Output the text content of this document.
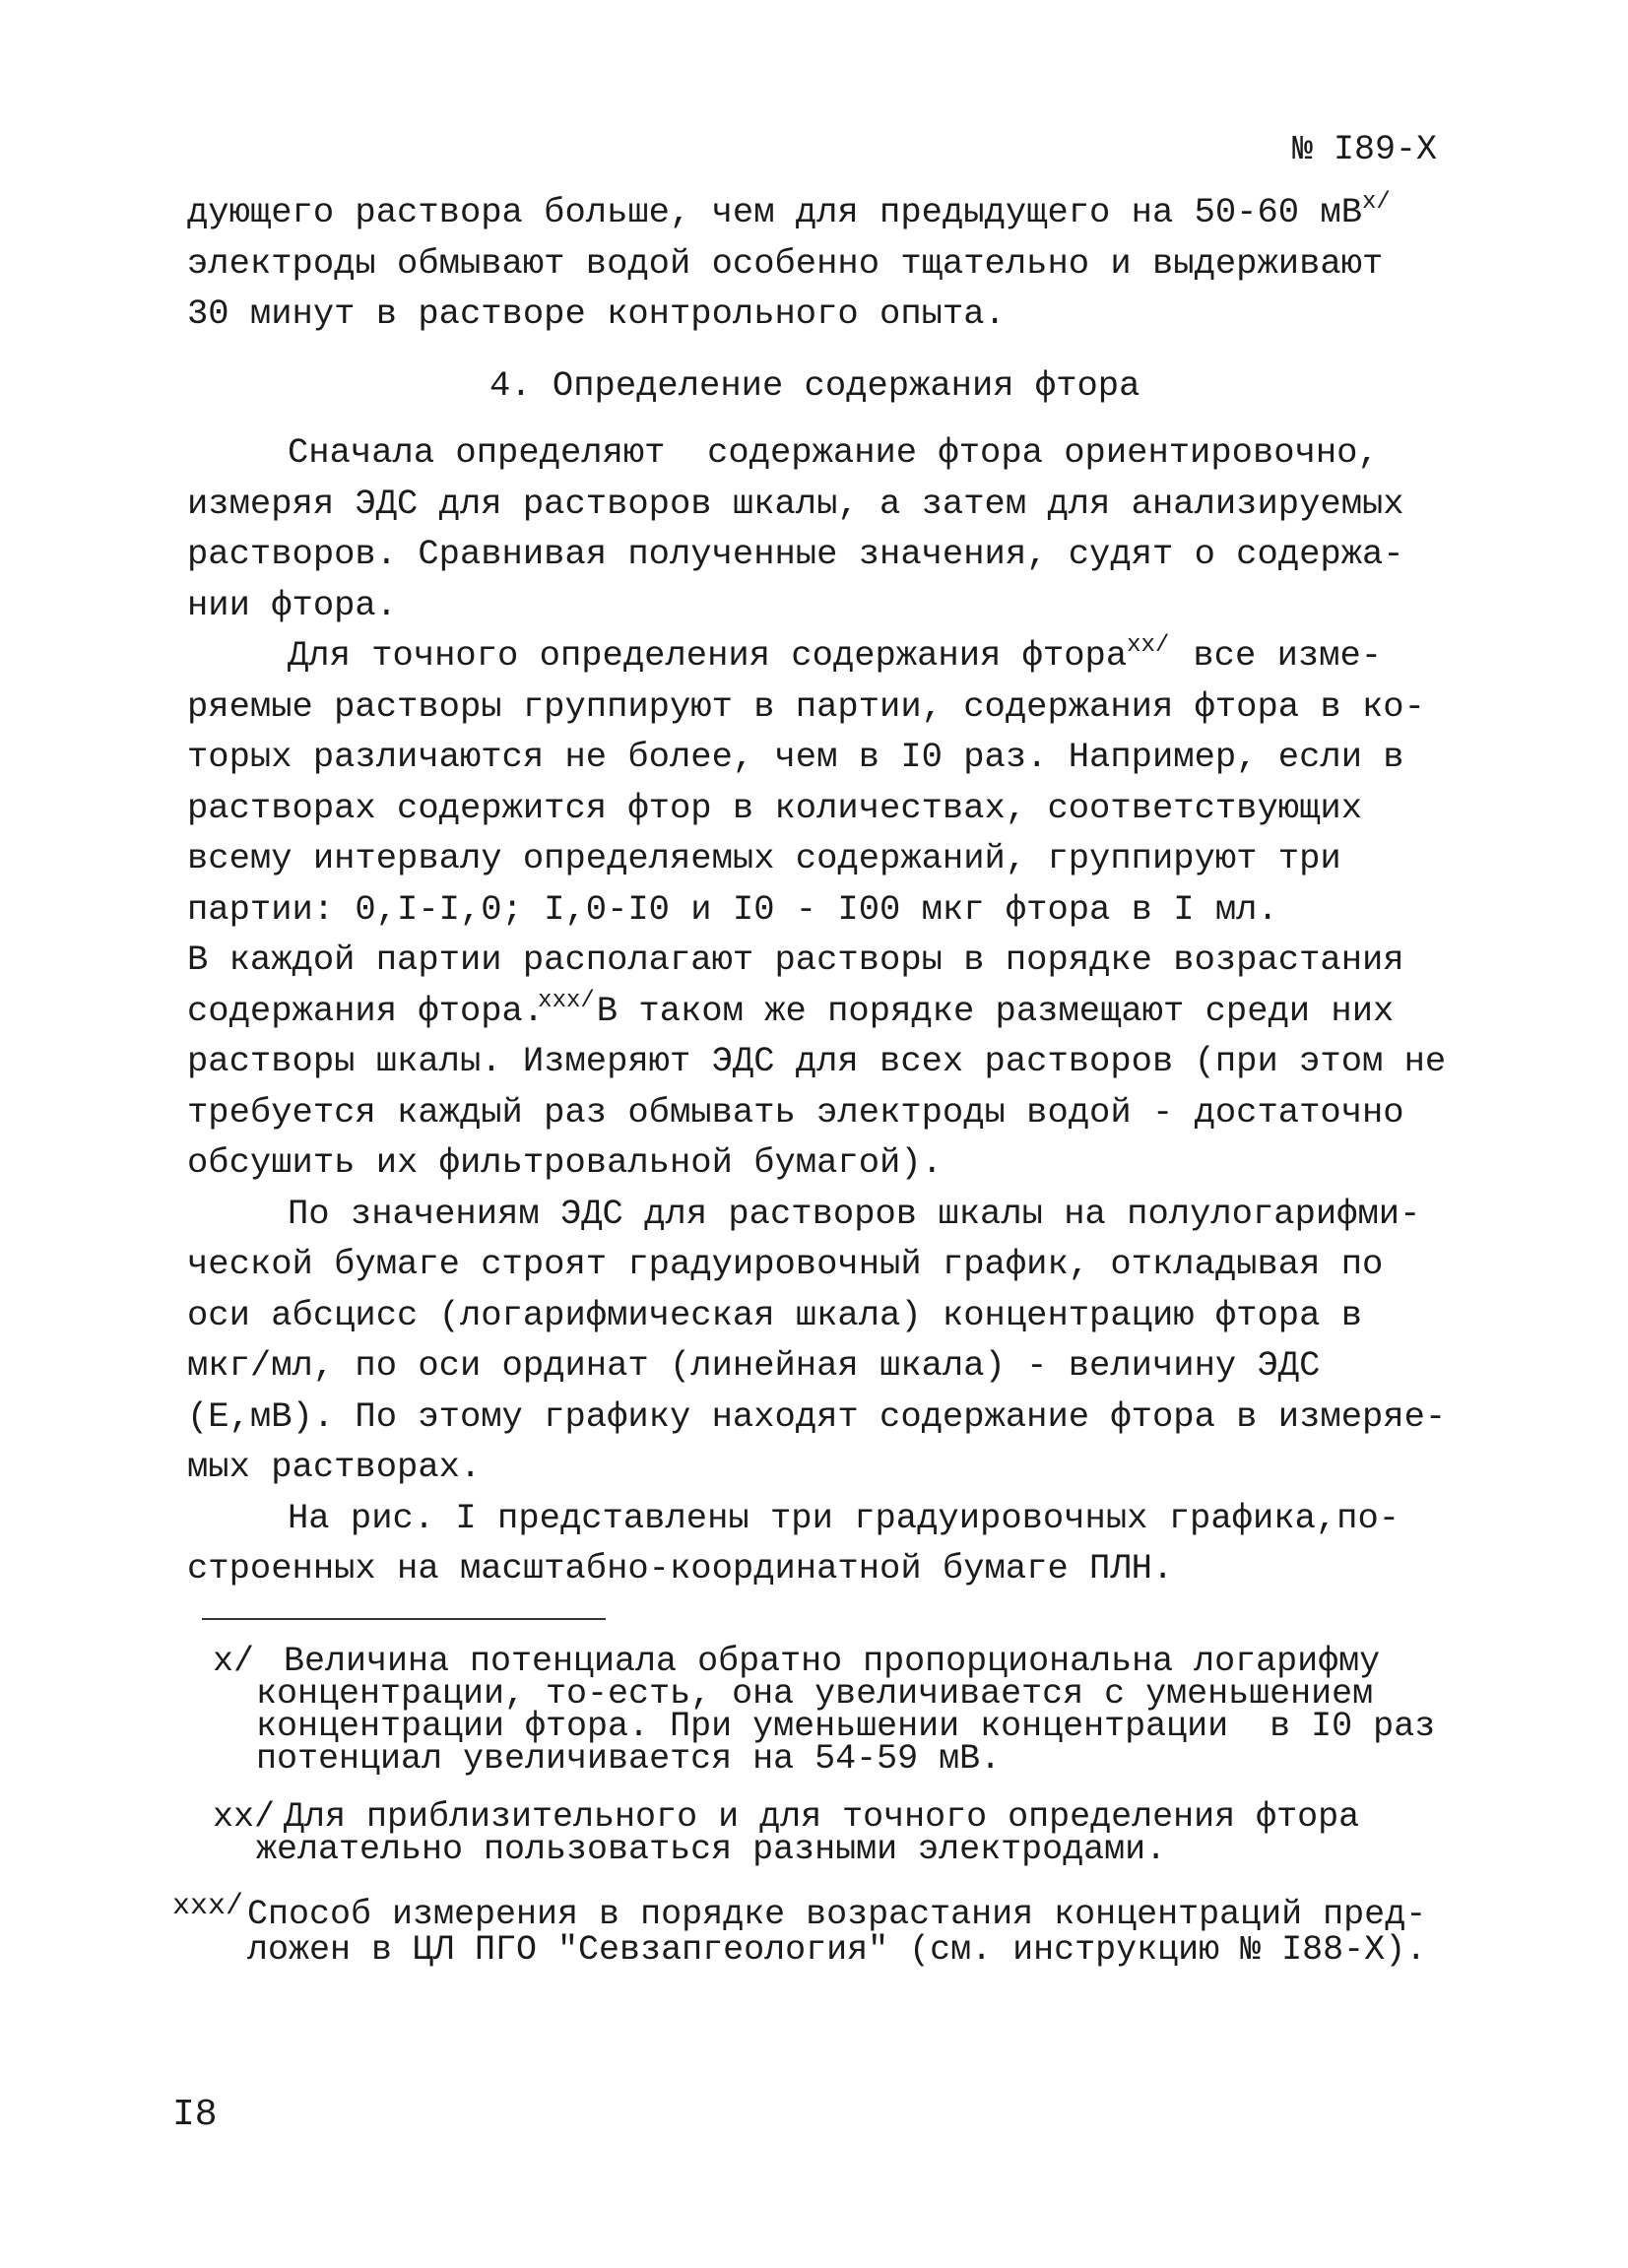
№ I89-X
дующего раствора больше, чем для предыдущего на 50-60 $мВ^{x/}$
электроды обмывают водой особенно тщательно и выдерживают
30 минут в растворе контрольного опыта.
4. Определение содержания фтора
Сначала определяют  содержание фтора ориентировочно,
измеряя ЭДС для растворов шкалы, а затем для анализируемых
растворов. Сравнивая полученные значения, судят о содержа-
нии фтора.
Для точного определения содержания фтора$^{xx/}$ все изме-
ряемые растворы группируют в партии, содержания фтора в ко-
торых различаются не более, чем в I0 раз. Например, если в
растворах содержится фтор в количествах, соответствующих
всему интервалу определяемых содержаний, группируют три
партии: 0,I-I,0; I,0-I0 и I0 - I00 мкг фтора в I мл.
В каждой партии располагают растворы в порядке возрастания
содержания фтора.$^{xxx/}$В таком же порядке размещают среди них
растворы шкалы. Измеряют ЭДС для всех растворов (при этом не
требуется каждый раз обмывать электроды водой - достаточно
обсушить их фильтровальной бумагой).
По значениям ЭДС для растворов шкалы на полулогарифми-
ческой бумаге строят градуировочный график, откладывая по
оси абсцисс (логарифмическая шкала) концентрацию фтора в
мкг/мл, по оси ординат (линейная шкала) - величину ЭДС
(Е,мВ). По этому графику находят содержание фтора в измеряе-
мых растворах.
На рис. I представлены три градуировочных графика,по-
строенных на масштабно-координатной бумаге ПЛН.
x/ Величина потенциала обратно пропорциональна логарифму
концентрации, то-есть, она увеличивается с уменьшением
концентрации фтора. При уменьшении концентрации  в I0 раз
потенциал увеличивается на 54-59 мВ.
xx/ Для приблизительного и для точного определения фтора
желательно пользоваться разными электродами.
xxx/ Способ измерения в порядке возрастания концентраций пред-
ложен в ЦЛ ПГО "Севзапгеология" (см. инструкцию № I88-X).
I8
